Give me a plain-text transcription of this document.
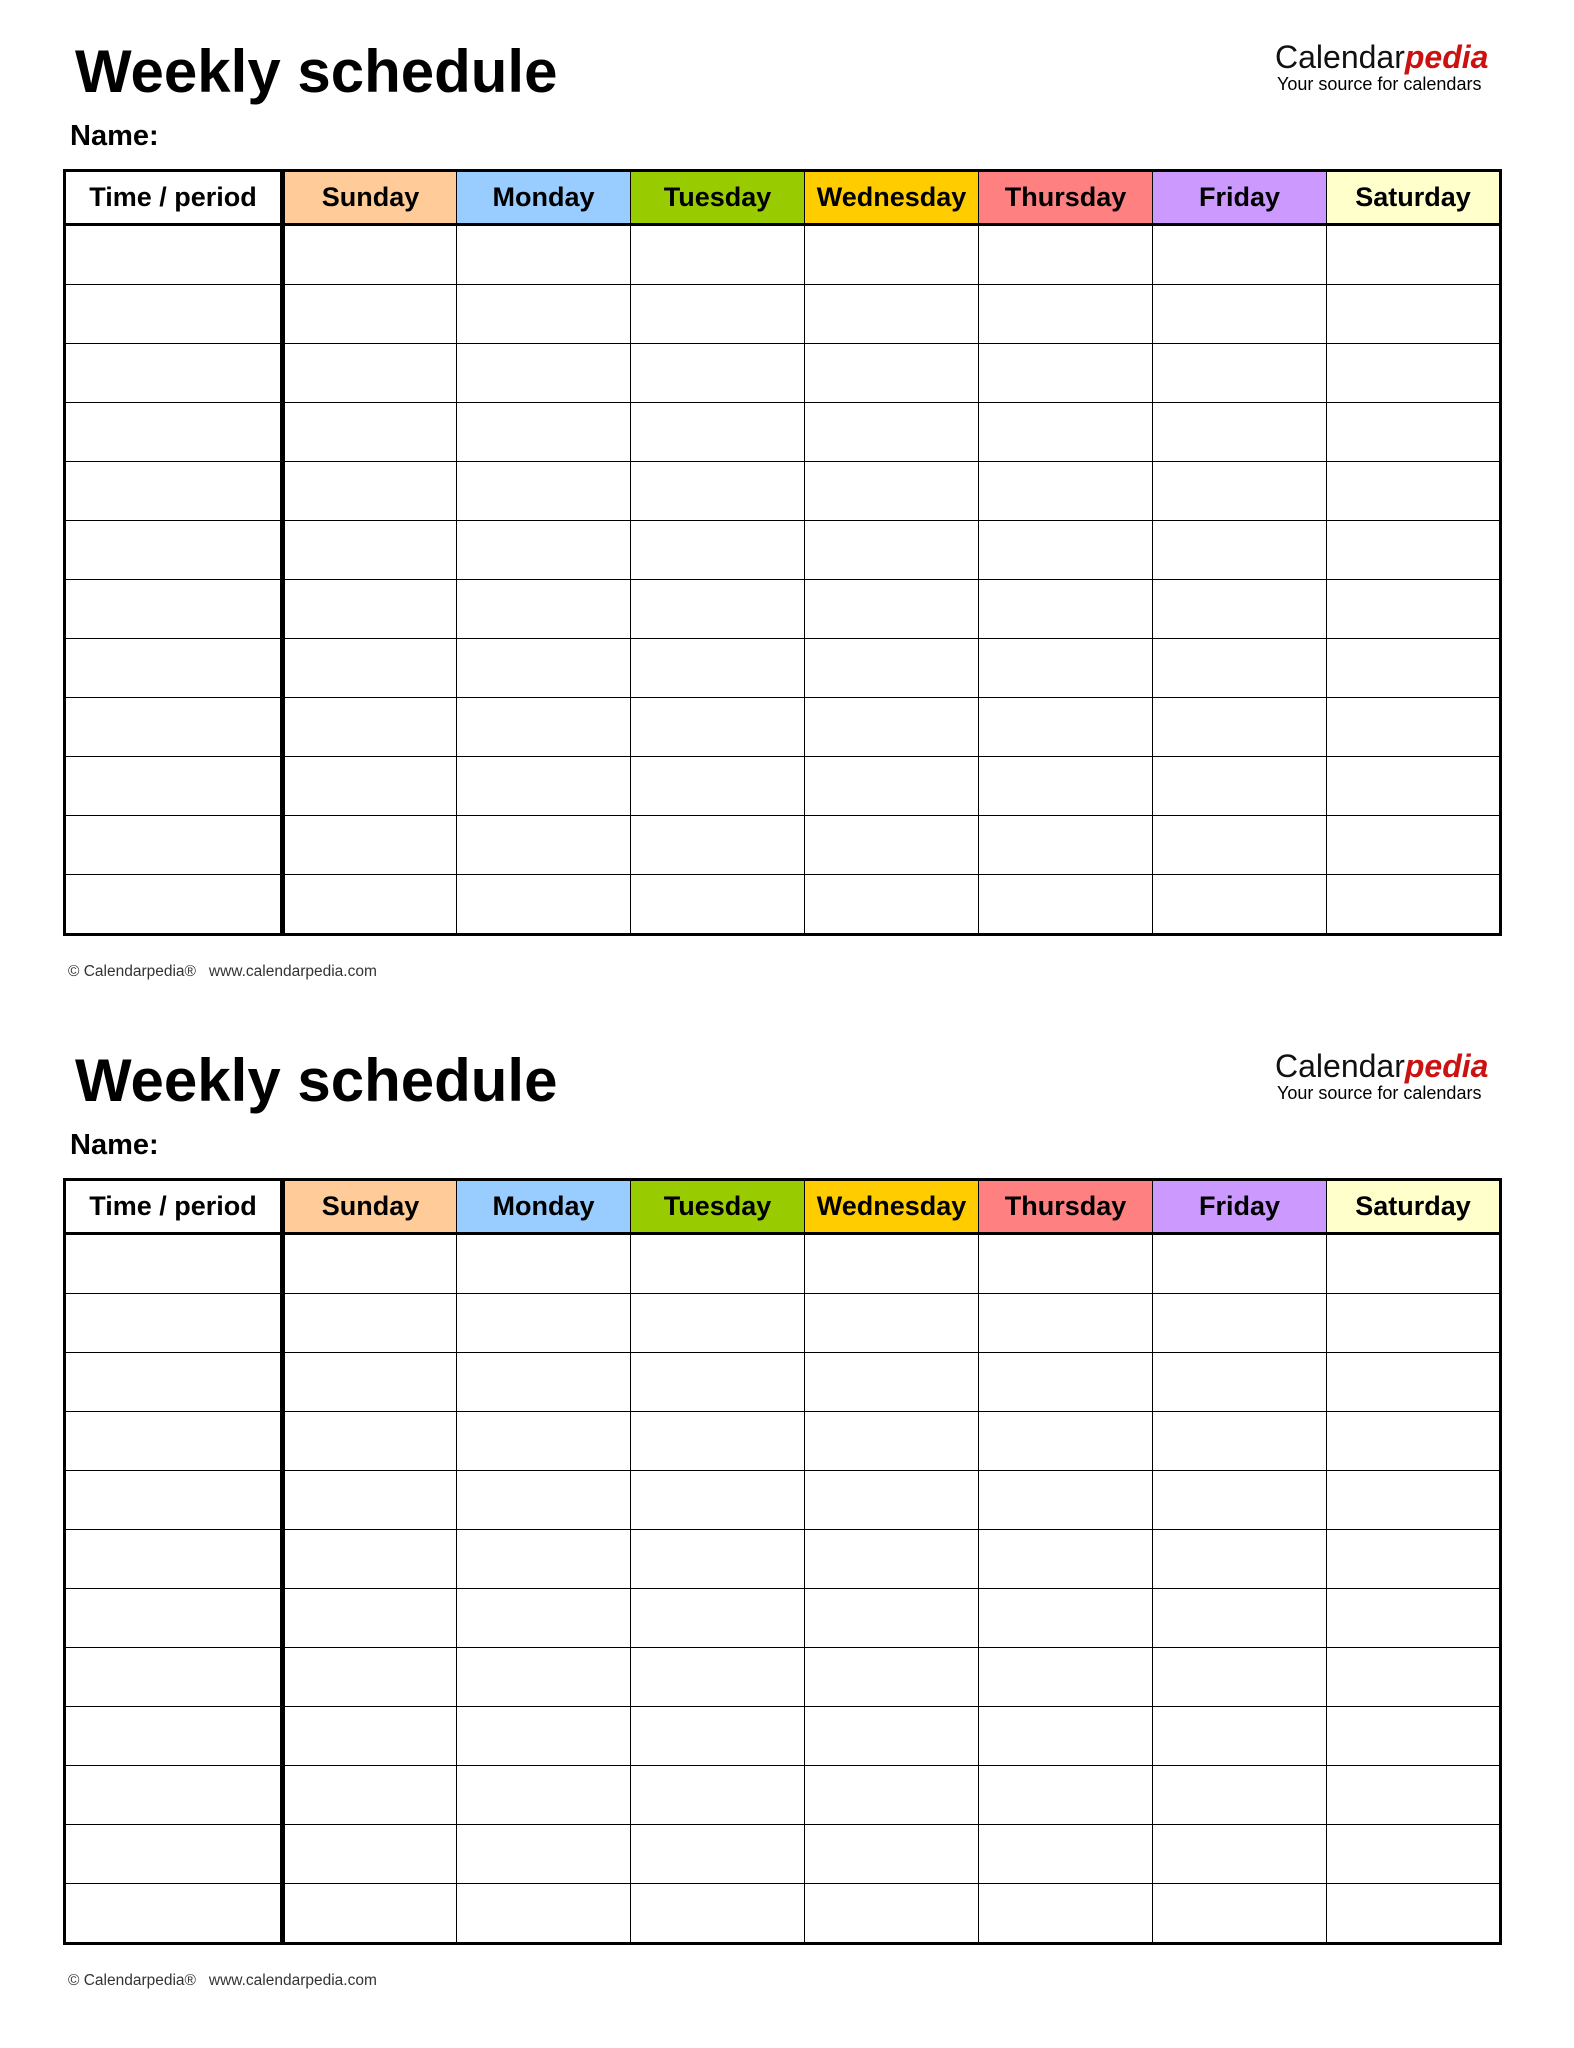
Weekly schedule
Name:
Calendarpedia
Your source for calendars
Time / period	Sunday	Monday	Tuesday	Wednesday	Thursday	Friday	Saturday

© Calendarpedia®   www.calendarpedia.com
Weekly schedule
Name:
Calendarpedia
Your source for calendars
Time / period	Sunday	Monday	Tuesday	Wednesday	Thursday	Friday	Saturday

© Calendarpedia®   www.calendarpedia.com
